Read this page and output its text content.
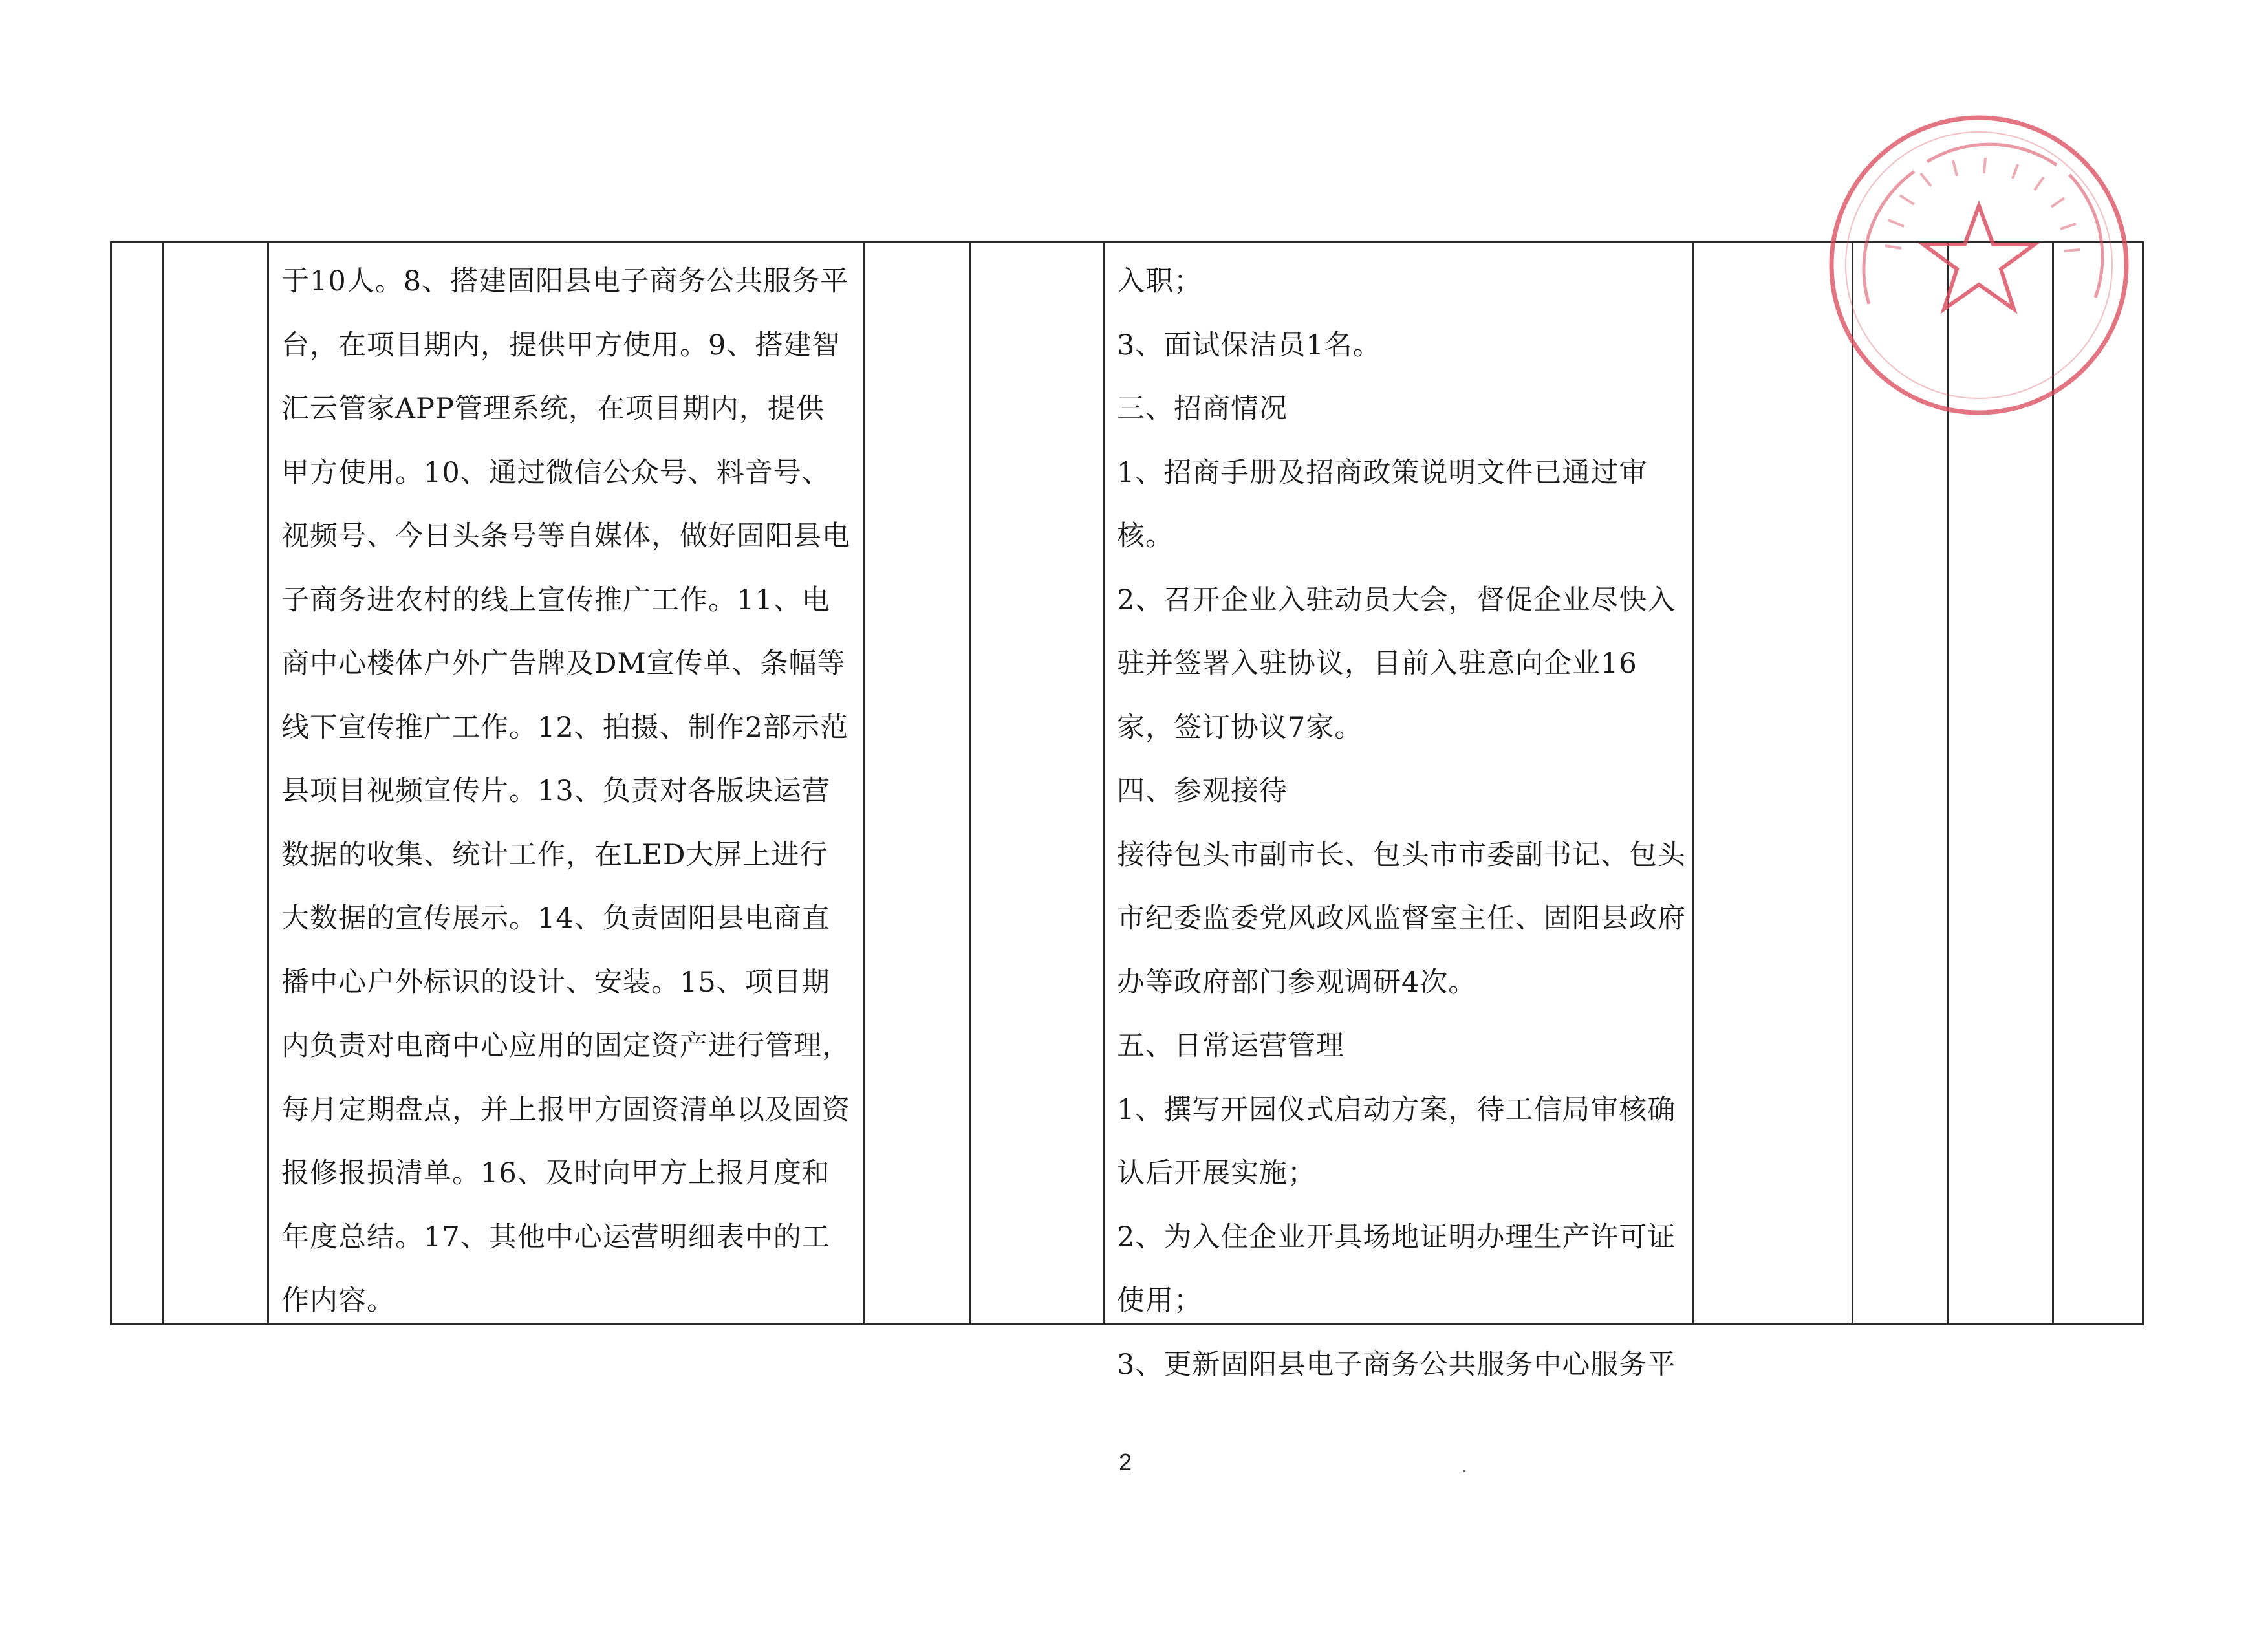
于10人。8、搭建固阳县电子商务公共服务平台，在项目期内，提供甲方使用。9、搭建智汇云管家APP管理系统，在项目期内，提供甲方使用。10、通过微信公众号、料音号、视频号、今日头条号等自媒体，做好固阳县电子商务进农村的线上宣传推广工作。11、电商中心楼体户外广告牌及DM宣传单、条幅等线下宣传推广工作。12、拍摄、制作2部示范县项目视频宣传片。13、负责对各版块运营数据的收集、统计工作，在LED大屏上进行大数据的宣传展示。14、负责固阳县电商直播中心户外标识的设计、安装。15、项目期内负责对电商中心应用的固定资产进行管理，每月定期盘点，并上报甲方固资清单以及固资报修报损清单。16、及时向甲方上报月度和年度总结。17、其他中心运营明细表中的工作内容。

入职；

3、面试保洁员1名。

三、招商情况

1、招商手册及招商政策说明文件已通过审核。

2、召开企业入驻动员大会，督促企业尽快入驻并签署入驻协议，目前入驻意向企业16家，签订协议7家。

四、参观接待

接待包头市副市长、包头市市委副书记、包头市纪委监委党风政风监督室主任、固阳县政府办等政府部门参观调研4次。

五、日常运营管理

1、撰写开园仪式启动方案，待工信局审核确认后开展实施；

2、为入住企业开具场地证明办理生产许可证使用；

3、更新固阳县电子商务公共服务中心服务平

2	.
